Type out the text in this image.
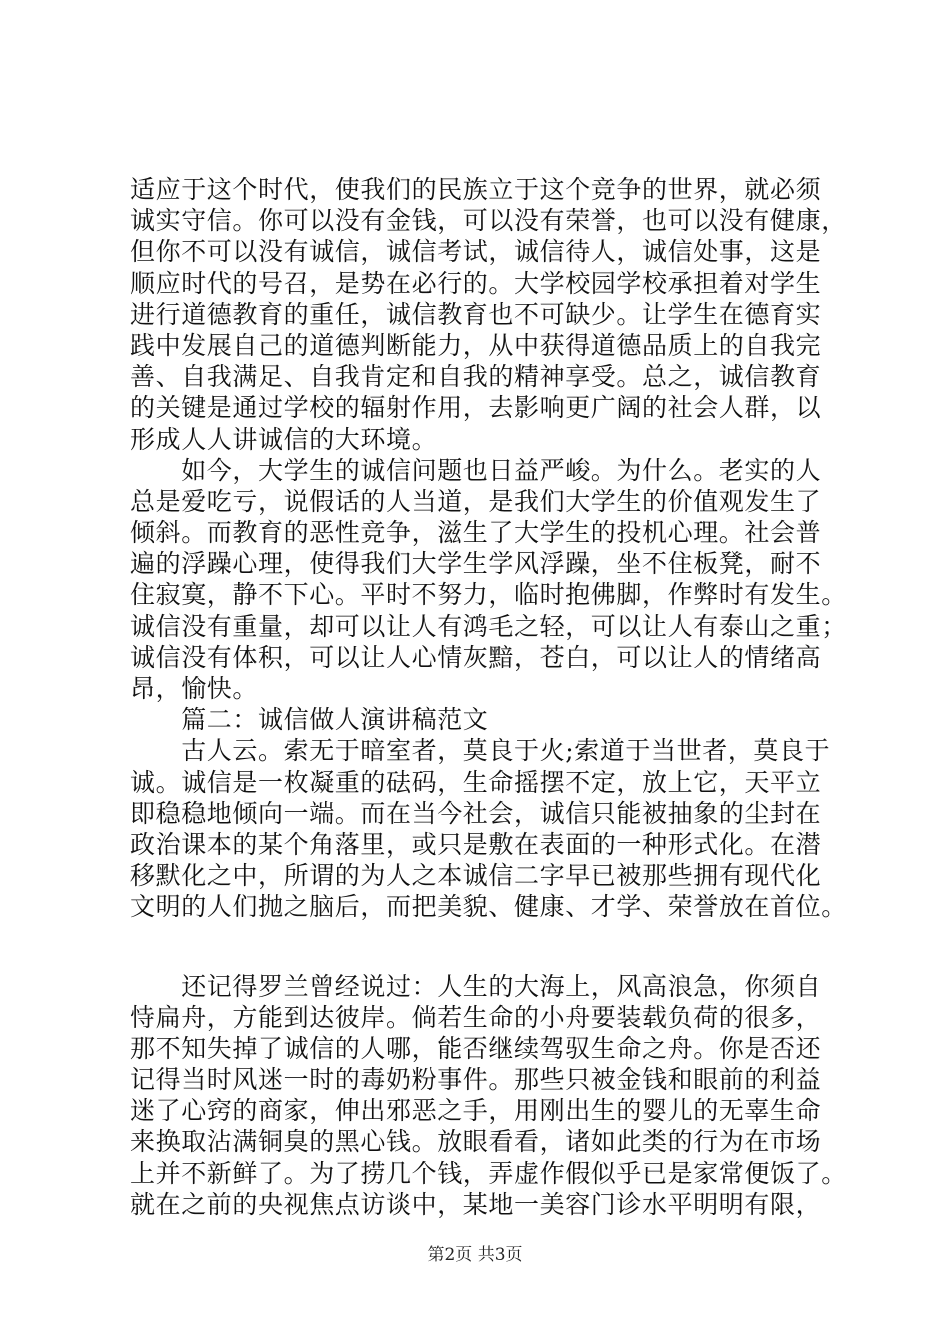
适应于这个时代，使我们的民族立于这个竞争的世界，就必须
诚实守信。你可以没有金钱，可以没有荣誉，也可以没有健康，
但你不可以没有诚信，诚信考试，诚信待人，诚信处事，这是
顺应时代的号召，是势在必行的。大学校园学校承担着对学生
进行道德教育的重任，诚信教育也不可缺少。让学生在德育实
践中发展自己的道德判断能力，从中获得道德品质上的自我完
善、自我满足、自我肯定和自我的精神享受。总之，诚信教育
的关键是通过学校的辐射作用，去影响更广阔的社会人群，以
形成人人讲诚信的大环境。
　　如今，大学生的诚信问题也日益严峻。为什么。老实的人
总是爱吃亏，说假话的人当道，是我们大学生的价值观发生了
倾斜。而教育的恶性竞争，滋生了大学生的投机心理。社会普
遍的浮躁心理，使得我们大学生学风浮躁，坐不住板凳，耐不
住寂寞，静不下心。平时不努力，临时抱佛脚，作弊时有发生。
诚信没有重量，却可以让人有鸿毛之轻，可以让人有泰山之重；
诚信没有体积，可以让人心情灰黯，苍白，可以让人的情绪高
昂，愉快。
　　篇二：诚信做人演讲稿范文
　　古人云。索无于暗室者，莫良于火;索道于当世者，莫良于
诚。诚信是一枚凝重的砝码，生命摇摆不定，放上它，天平立
即稳稳地倾向一端。而在当今社会，诚信只能被抽象的尘封在
政治课本的某个角落里，或只是敷在表面的一种形式化。在潜
移默化之中，所谓的为人之本诚信二字早已被那些拥有现代化
文明的人们抛之脑后，而把美貌、健康、才学、荣誉放在首位。
　　还记得罗兰曾经说过：人生的大海上，风高浪急，你须自
恃扁舟，方能到达彼岸。倘若生命的小舟要装载负荷的很多，
那不知失掉了诚信的人哪，能否继续驾驭生命之舟。你是否还
记得当时风迷一时的毒奶粉事件。那些只被金钱和眼前的利益
迷了心窍的商家，伸出邪恶之手，用刚出生的婴儿的无辜生命
来换取沾满铜臭的黑心钱。放眼看看，诸如此类的行为在市场
上并不新鲜了。为了捞几个钱，弄虚作假似乎已是家常便饭了。
就在之前的央视焦点访谈中，某地一美容门诊水平明明有限，
第2页 共3页
